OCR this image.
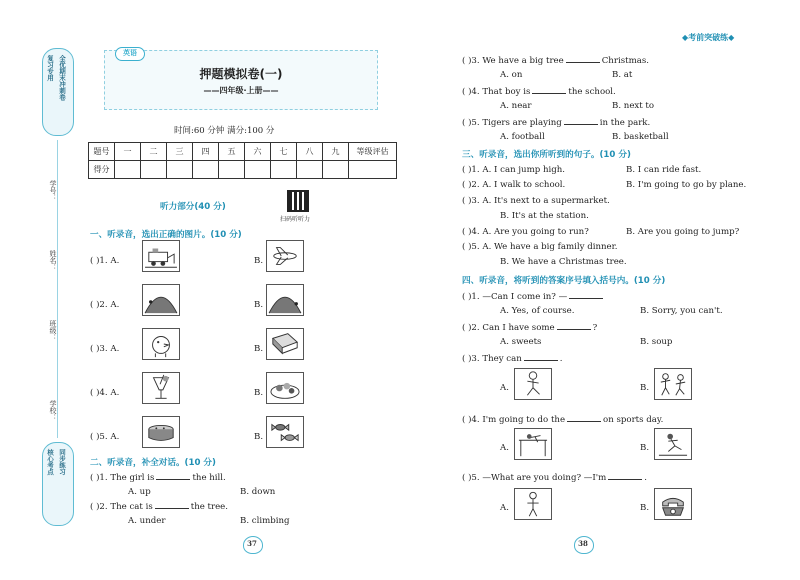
复习专用 全优期末冲刺卷
学号：
姓名：
班级：
学校：
核心考点 同步练习
英语
押题模拟卷(一)
——四年级·上册——
时间:60 分钟 满分:100 分
题号	一	二	三	四	五	六	七	八	九	等级评估
得分										
听力部分(40 分)
扫码听听力
一、听录音，选出正确的图片。(10 分)
( )1. A.	B.
( )2. A.	B.
( )3. A.	B.
( )4. A.	B.
( )5. A.	B.
二、听录音，补全对话。(10 分)
( )1. The girl is	the hill.
A. up	B. down
( )2. The cat is	the tree.
A. under	B. climbing
37
◆考前突破练◆
( )3. We have a big tree	Christmas.
A. on	B. at
( )4. That boy is	the school.
A. near	B. next to
( )5. Tigers are playing	in the park.
A. football	B. basketball
三、听录音，选出你所听到的句子。(10 分)
( )1. A. I can jump high.	B. I can ride fast.
( )2. A. I walk to school.	B. I'm going to go by plane.
( )3. A. It's next to a supermarket.
B. It's at the station.
( )4. A. Are you going to run?	B. Are you going to jump?
( )5. A. We have a big family dinner.
B. We have a Christmas tree.
四、听录音，将听到的答案序号填入括号内。(10 分)
( )1. —Can I come in? —
A. Yes, of course.	B. Sorry, you can't.
( )2. Can I have some	?
A. sweets	B. soup
( )3. They can	.
A.	B.
( )4. I'm going to do the	on sports day.
A.	B.
( )5. —What are you doing? —I'm	.
A.	B.
38
